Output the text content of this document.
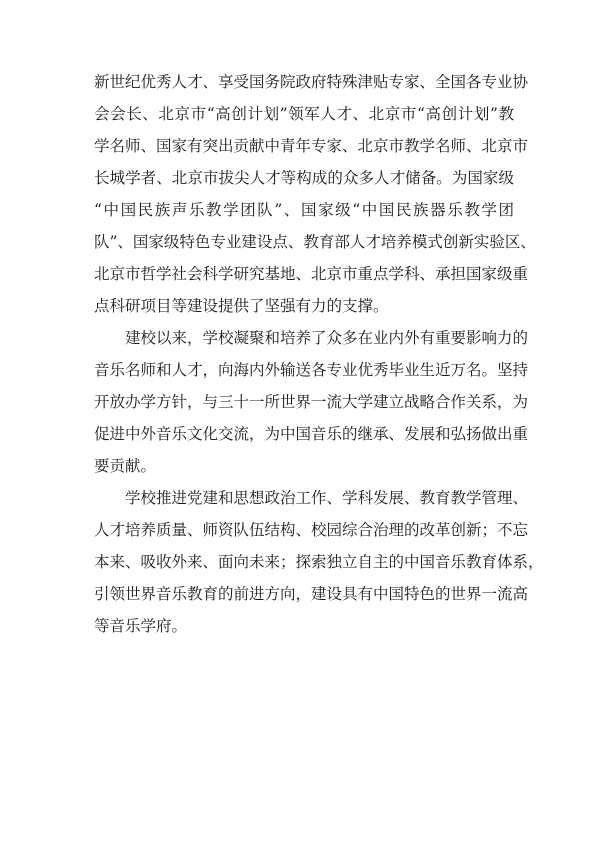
新世纪优秀人才、享受国务院政府特殊津贴专家、全国各专业协
会会长、北京市“高创计划”领军人才、北京市“高创计划”教
学名师、国家有突出贡献中青年专家、北京市教学名师、北京市
长城学者、北京市拔尖人才等构成的众多人才储备。为国家级
“中国民族声乐教学团队”、国家级“中国民族器乐教学团
队”、国家级特色专业建设点、教育部人才培养模式创新实验区、
北京市哲学社会科学研究基地、北京市重点学科、承担国家级重
点科研项目等建设提供了坚强有力的支撑。
建校以来，学校凝聚和培养了众多在业内外有重要影响力的
音乐名师和人才，向海内外输送各专业优秀毕业生近万名。坚持
开放办学方针，与三十一所世界一流大学建立战略合作关系，为
促进中外音乐文化交流，为中国音乐的继承、发展和弘扬做出重
要贡献。
学校推进党建和思想政治工作、学科发展、教育教学管理、
人才培养质量、师资队伍结构、校园综合治理的改革创新；不忘
本来、吸收外来、面向未来；探索独立自主的中国音乐教育体系，
引领世界音乐教育的前进方向，建设具有中国特色的世界一流高
等音乐学府。
